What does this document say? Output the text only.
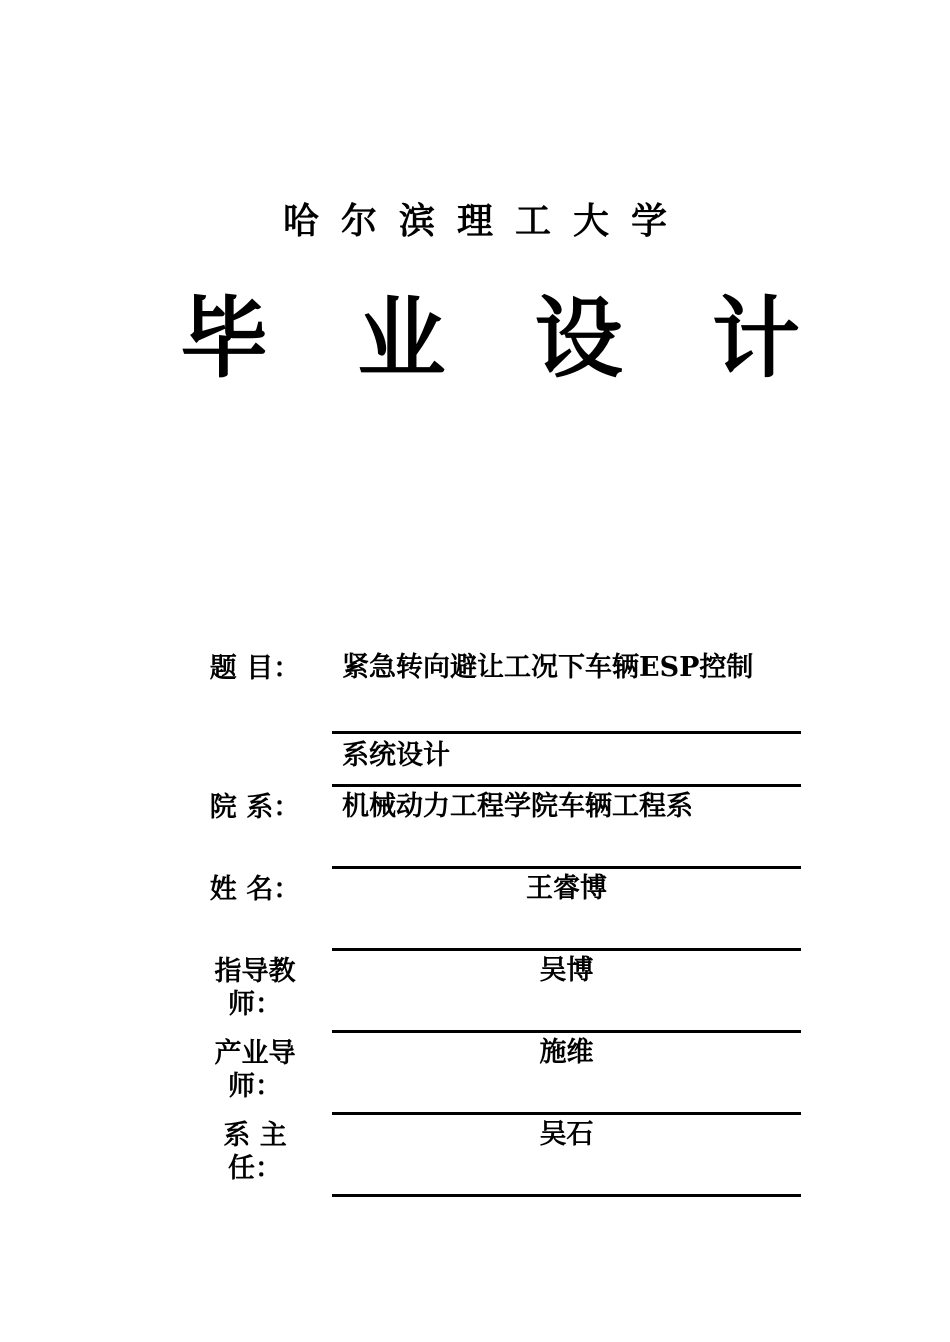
哈尔滨理工大学
毕 业 设 计
题 目：	紧急转向避让工况下车辆ESP控制
系统设计
院 系：	机械动力工程学院车辆工程系
姓 名：	王睿博
指导教师：
吴博
产业导师：
施维
系 主 任：
吴石
